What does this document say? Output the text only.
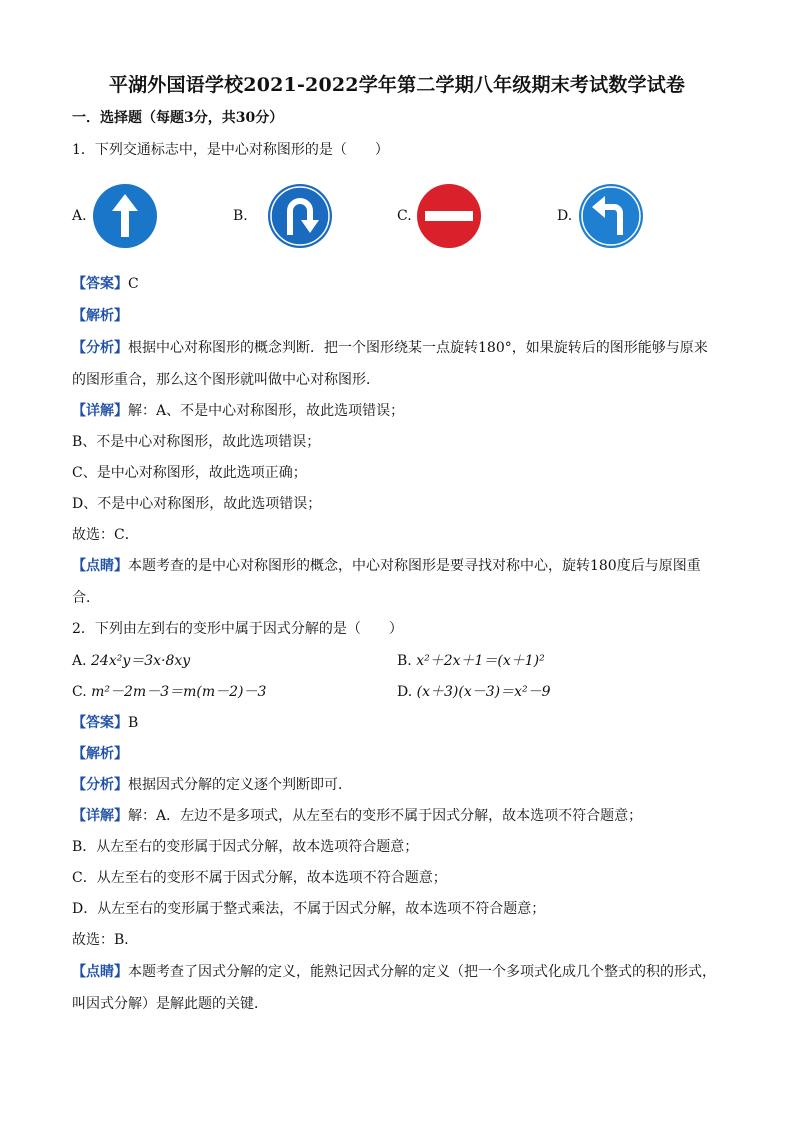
平湖外国语学校2021-2022学年第二学期八年级期末考试数学试卷
一．选择题（每题3分，共30分）
1．下列交通标志中，是中心对称图形的是（　　）
A.	B.	C.	D.
【答案】C
【解析】
【分析】根据中心对称图形的概念判断．把一个图形绕某一点旋转180°，如果旋转后的图形能够与原来
的图形重合，那么这个图形就叫做中心对称图形．
【详解】解：A、不是中心对称图形，故此选项错误；
B、不是中心对称图形，故此选项错误；
C、是中心对称图形，故此选项正确；
D、不是中心对称图形，故此选项错误；
故选：C．
【点睛】本题考查的是中心对称图形的概念，中心对称图形是要寻找对称中心，旋转180度后与原图重
合．
2．下列由左到右的变形中属于因式分解的是（　　）
A. 24x²y＝3x·8xy	B. x²＋2x＋1＝(x＋1)²
C. m²－2m－3＝m(m－2)－3	D. (x＋3)(x－3)＝x²－9
【答案】B
【解析】
【分析】根据因式分解的定义逐个判断即可．
【详解】解：A．左边不是多项式，从左至右的变形不属于因式分解，故本选项不符合题意；
B．从左至右的变形属于因式分解，故本选项符合题意；
C．从左至右的变形不属于因式分解，故本选项不符合题意；
D．从左至右的变形属于整式乘法，不属于因式分解，故本选项不符合题意；
故选：B．
【点睛】本题考查了因式分解的定义，能熟记因式分解的定义（把一个多项式化成几个整式的积的形式，
叫因式分解）是解此题的关键．
